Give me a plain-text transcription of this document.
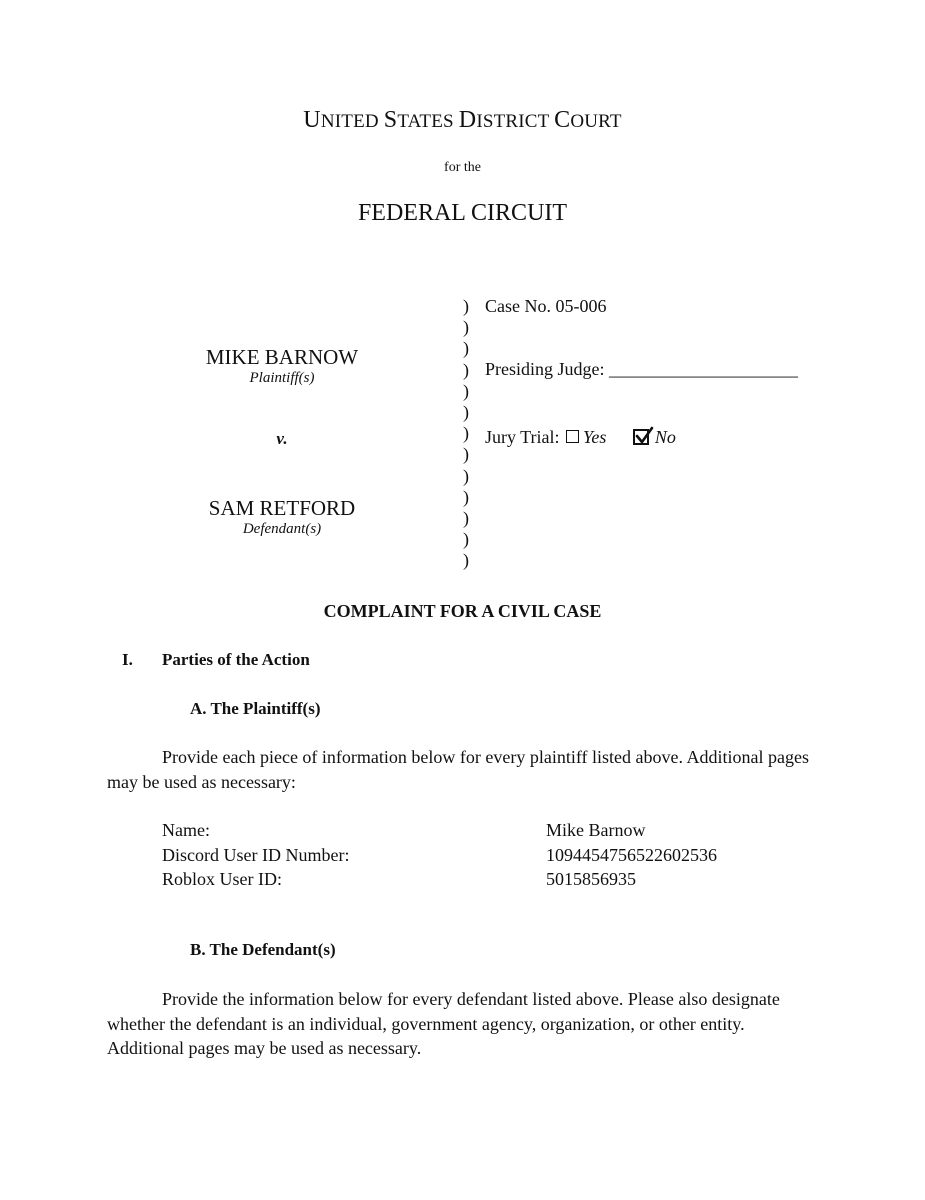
UNITED STATES DISTRICT COURT
for the
FEDERAL CIRCUIT
MIKE BARNOW
Plaintiff(s)
v.
SAM RETFORD
Defendant(s)
)
)
)
)
)
)
)
)
)
)
)
)
)
Case No. 05-006
Presiding Judge: _____________________
Jury Trial: Yes	No
COMPLAINT FOR A CIVIL CASE
I. Parties of the Action
A. The Plaintiff(s)
Provide each piece of information below for every plaintiff listed above. Additional pages
may be used as necessary:
Name:	Mike Barnow
Discord User ID Number:	1094454756522602536
Roblox User ID:	5015856935
B. The Defendant(s)
Provide the information below for every defendant listed above. Please also designate
whether the defendant is an individual, government agency, organization, or other entity.
Additional pages may be used as necessary.
